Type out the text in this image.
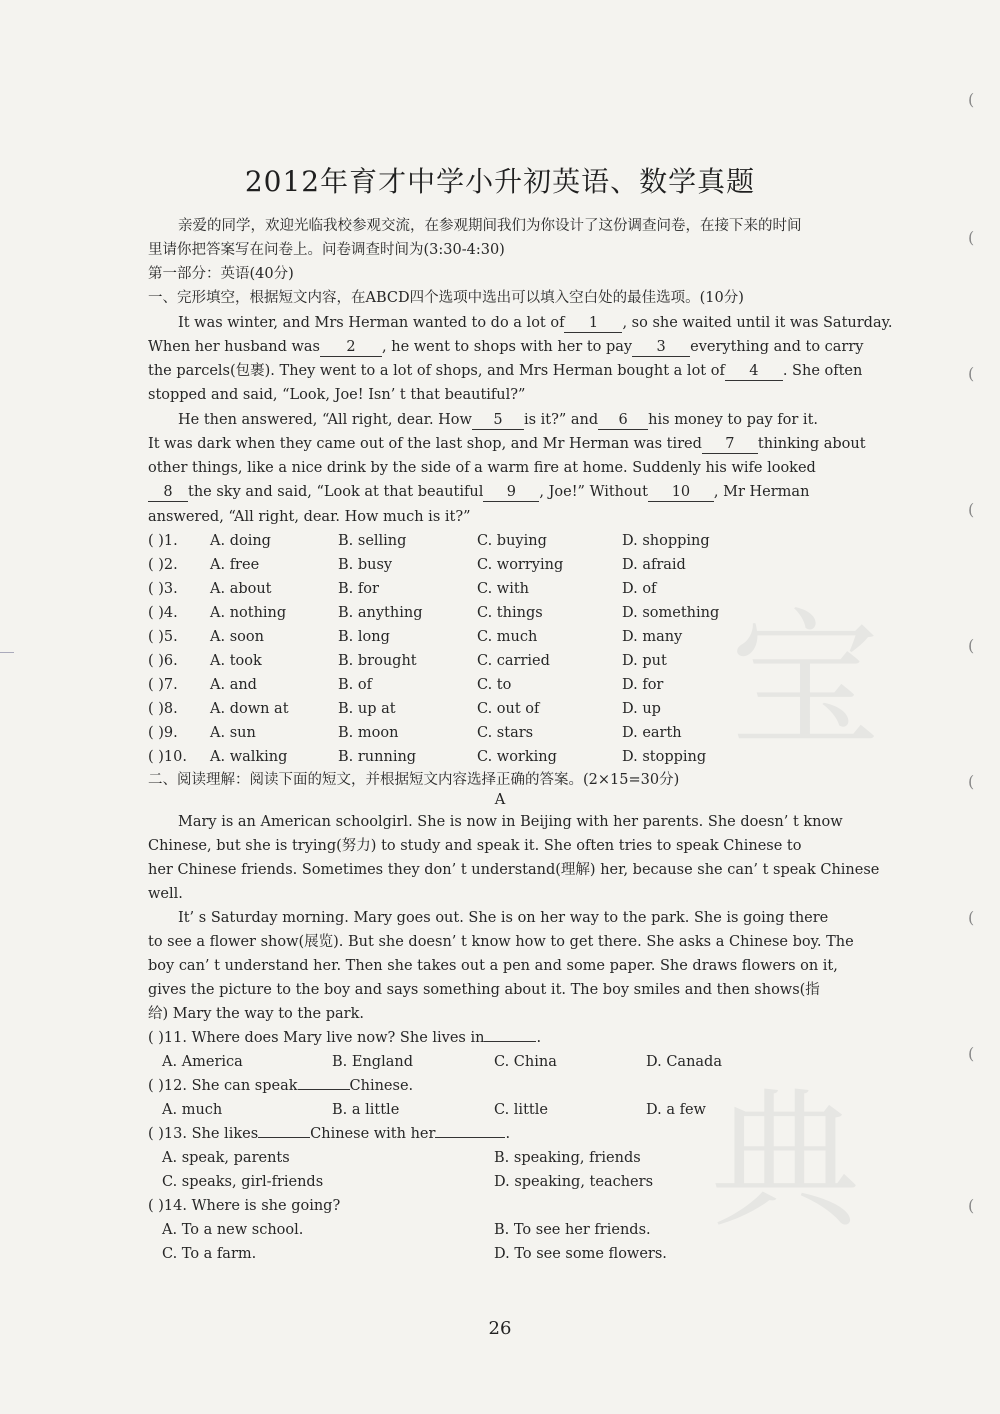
宝
典
(
(
(
(
(
(
(
(
(
2012年育才中学小升初英语、数学真题
亲爱的同学，欢迎光临我校参观交流，在参观期间我们为你设计了这份调查问卷，在接下来的时间
里请你把答案写在问卷上。问卷调查时间为(3:30-4:30)
第一部分：英语(40分)
一、完形填空，根据短文内容，在ABCD四个选项中选出可以填入空白处的最佳选项。(10分)
It was winter, and Mrs Herman wanted to do a lot of 1 , so she waited until it was Saturday.
When her husband was 2 , he went to shops with her to pay 3 everything and to carry
the parcels(包裹). They went to a lot of shops, and Mrs Herman bought a lot of 4 . She often
stopped and said, “Look, Joe! Isn’ t that beautiful?”
He then answered, “All right, dear. How 5 is it?” and 6 his money to pay for it.
It was dark when they came out of the last shop, and Mr Herman was tired 7 thinking about
other things, like a nice drink by the side of a warm fire at home. Suddenly his wife looked
8 the sky and said, “Look at that beautiful 9 , Joe!” Without 10 , Mr Herman
answered, “All right, dear. How much is it?”
( )1. A. doing	B. selling	C. buying	D. shopping
( )2. A. free	B. busy	C. worrying	D. afraid
( )3. A. about	B. for	C. with	D. of
( )4. A. nothing	B. anything	C. things	D. something
( )5. A. soon	B. long	C. much	D. many
( )6. A. took	B. brought	C. carried	D. put
( )7. A. and	B. of	C. to	D. for
( )8. A. down at	B. up at	C. out of	D. up
( )9. A. sun	B. moon	C. stars	D. earth
( )10. A. walking	B. running	C. working	D. stopping
二、阅读理解：阅读下面的短文，并根据短文内容选择正确的答案。(2×15=30分)
A
Mary is an American schoolgirl. She is now in Beijing with her parents. She doesn’ t know
Chinese, but she is trying(努力) to study and speak it. She often tries to speak Chinese to
her Chinese friends. Sometimes they don’ t understand(理解) her, because she can’ t speak Chinese
well.
It’ s Saturday morning. Mary goes out. She is on her way to the park. She is going there
to see a flower show(展览). But she doesn’ t know how to get there. She asks a Chinese boy. The
boy can’ t understand her. Then she takes out a pen and some paper. She draws flowers on it,
gives the picture to the boy and says something about it. The boy smiles and then shows(指
给) Mary the way to the park.
( )11. Where does Mary live now? She lives in	.
A. America	B. England	C. China	D. Canada
( )12. She can speak	Chinese.
A. much	B. a little	C. little	D. a few
( )13. She likes	Chinese with her	.
A. speak, parents	B. speaking, friends
C. speaks, girl-friends	D. speaking, teachers
( )14. Where is she going?
A. To a new school.	B. To see her friends.
C. To a farm.	D. To see some flowers.
26
